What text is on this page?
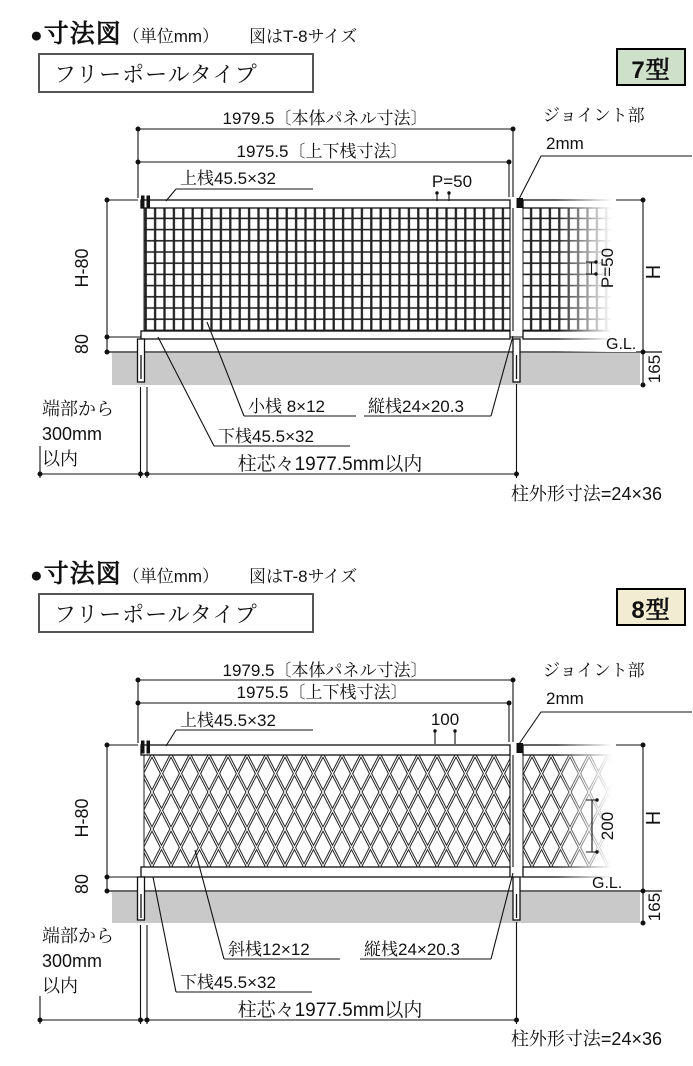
● 寸法図 （単位mm） 図はT-8サイズ
フリーポールタイプ	7型
1979.5〔本体パネル寸法〕
1975.5〔上下桟寸法〕
上桟45.5×32	P=50
ジョイント部
2mm
H-80
80
H
P=50
165
G.L.
小桟 8×12	縦桟24×20.3
下桟45.5×32
端部から
300mm
以内	柱芯々1977.5mm以内
柱外形寸法=24×36
● 寸法図 （単位mm） 図はT-8サイズ
フリーポールタイプ	8型
1979.5〔本体パネル寸法〕
1975.5〔上下桟寸法〕
上桟45.5×32	100
ジョイント部
2mm
H-80
80
H
200
165
G.L.
斜桟12×12	縦桟24×20.3
下桟45.5×32
端部から
300mm
以内
柱芯々1977.5mm以内
柱外形寸法=24×36
